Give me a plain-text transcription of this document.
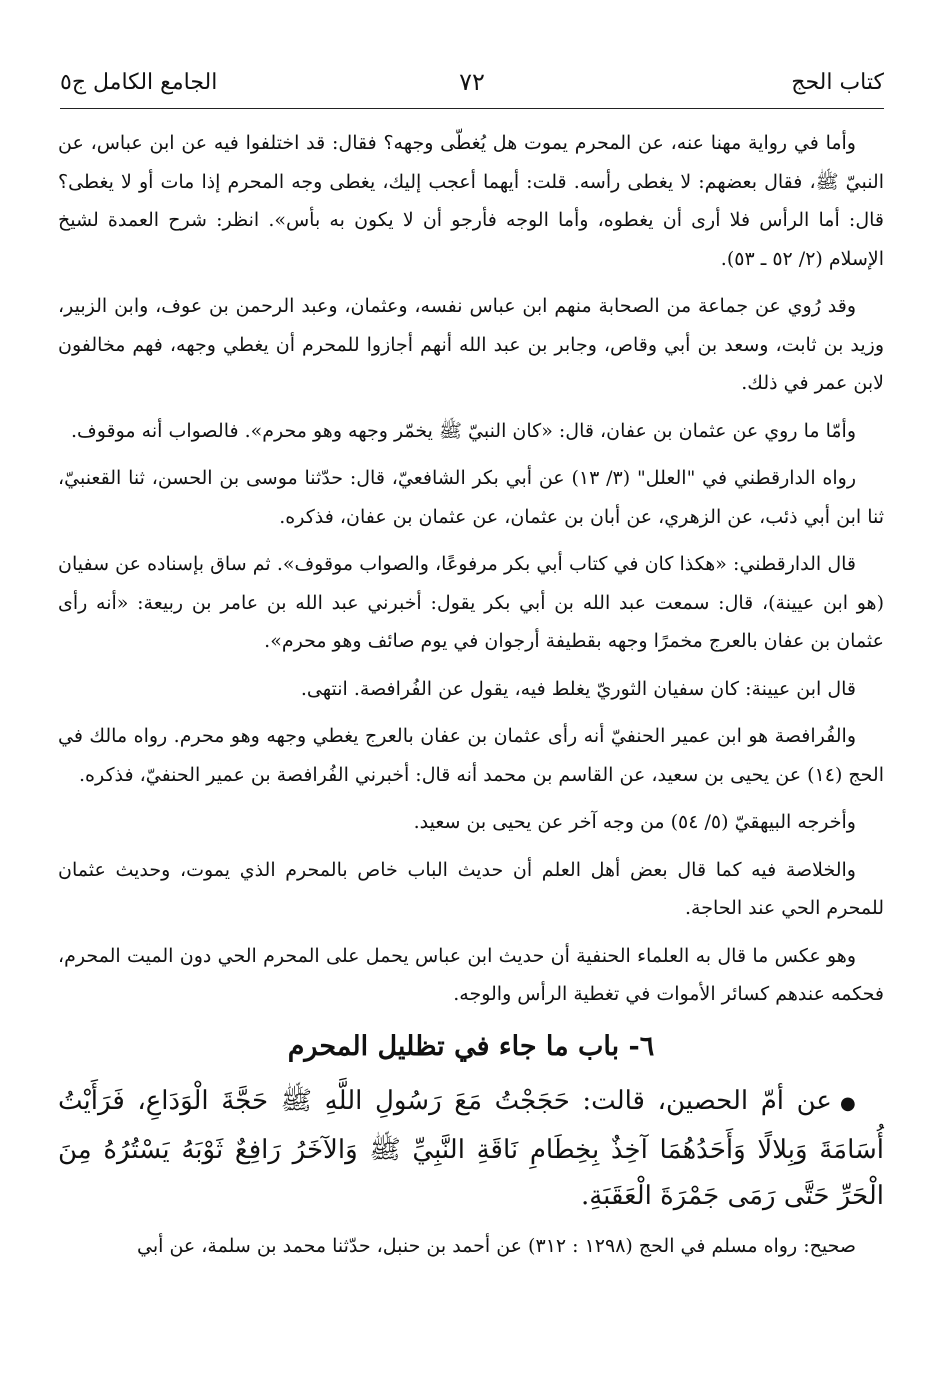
كتاب الحج
٧٢
الجامع الكامل ج٥

وأما في رواية مهنا عنه، عن المحرم يموت هل يُغطّى وجهه؟ فقال: قد اختلفوا فيه عن ابن عباس، عن النبيّ ﷺ، فقال بعضهم: لا يغطى رأسه. قلت: أيهما أعجب إليك، يغطى وجه المحرم إذا مات أو لا يغطى؟ قال: أما الرأس فلا أرى أن يغطوه، وأما الوجه فأرجو أن لا يكون به بأس». انظر: شرح العمدة لشيخ الإسلام (٢/ ٥٢ ـ ٥٣).

وقد رُوي عن جماعة من الصحابة منهم ابن عباس نفسه، وعثمان، وعبد الرحمن بن عوف، وابن الزبير، وزيد بن ثابت، وسعد بن أبي وقاص، وجابر بن عبد الله أنهم أجازوا للمحرم أن يغطي وجهه، فهم مخالفون لابن عمر في ذلك.

وأمّا ما روي عن عثمان بن عفان، قال: «كان النبيّ ﷺ يخمّر وجهه وهو محرم». فالصواب أنه موقوف.

رواه الدارقطني في "العلل" (٣/ ١٣) عن أبي بكر الشافعيّ، قال: حدّثنا موسى بن الحسن، ثنا القعنبيّ، ثنا ابن أبي ذئب، عن الزهري، عن أبان بن عثمان، عن عثمان بن عفان، فذكره.

قال الدارقطني: «هكذا كان في كتاب أبي بكر مرفوعًا، والصواب موقوف». ثم ساق بإسناده عن سفيان (هو ابن عيينة)، قال: سمعت عبد الله بن أبي بكر يقول: أخبرني عبد الله بن عامر بن ربيعة: «أنه رأى عثمان بن عفان بالعرج مخمرًا وجهه بقطيفة أرجوان في يوم صائف وهو محرم».

قال ابن عيينة: كان سفيان الثوريّ يغلط فيه، يقول عن الفُرافصة. انتهى.

والفُرافصة هو ابن عمير الحنفيّ أنه رأى عثمان بن عفان بالعرج يغطي وجهه وهو محرم. رواه مالك في الحج (١٤) عن يحيى بن سعيد، عن القاسم بن محمد أنه قال: أخبرني الفُرافصة بن عمير الحنفيّ، فذكره.

وأخرجه البيهقيّ (٥/ ٥٤) من وجه آخر عن يحيى بن سعيد.

والخلاصة فيه كما قال بعض أهل العلم أن حديث الباب خاص بالمحرم الذي يموت، وحديث عثمان للمحرم الحي عند الحاجة.

وهو عكس ما قال به العلماء الحنفية أن حديث ابن عباس يحمل على المحرم الحي دون الميت المحرم، فحكمه عندهم كسائر الأموات في تغطية الرأس والوجه.

٦- باب ما جاء في تظليل المحرم

●عن أمّ الحصين، قالت: حَجَجْتُ مَعَ رَسُولِ اللَّهِ ﷺ حَجَّةَ الْوَدَاعِ، فَرَأَيْتُ أُسَامَةَ وَبِلالًا وَأَحَدُهُمَا آخِذٌ بِخِطَامِ نَاقَةِ النَّبِيِّ ﷺ وَالآخَرُ رَافِعٌ ثَوْبَهُ يَسْتُرُهُ مِنَ الْحَرِّ حَتَّى رَمَى جَمْرَةَ الْعَقَبَةِ.

صحيح: رواه مسلم في الحج (١٢٩٨ : ٣١٢) عن أحمد بن حنبل، حدّثنا محمد بن سلمة، عن أبي
